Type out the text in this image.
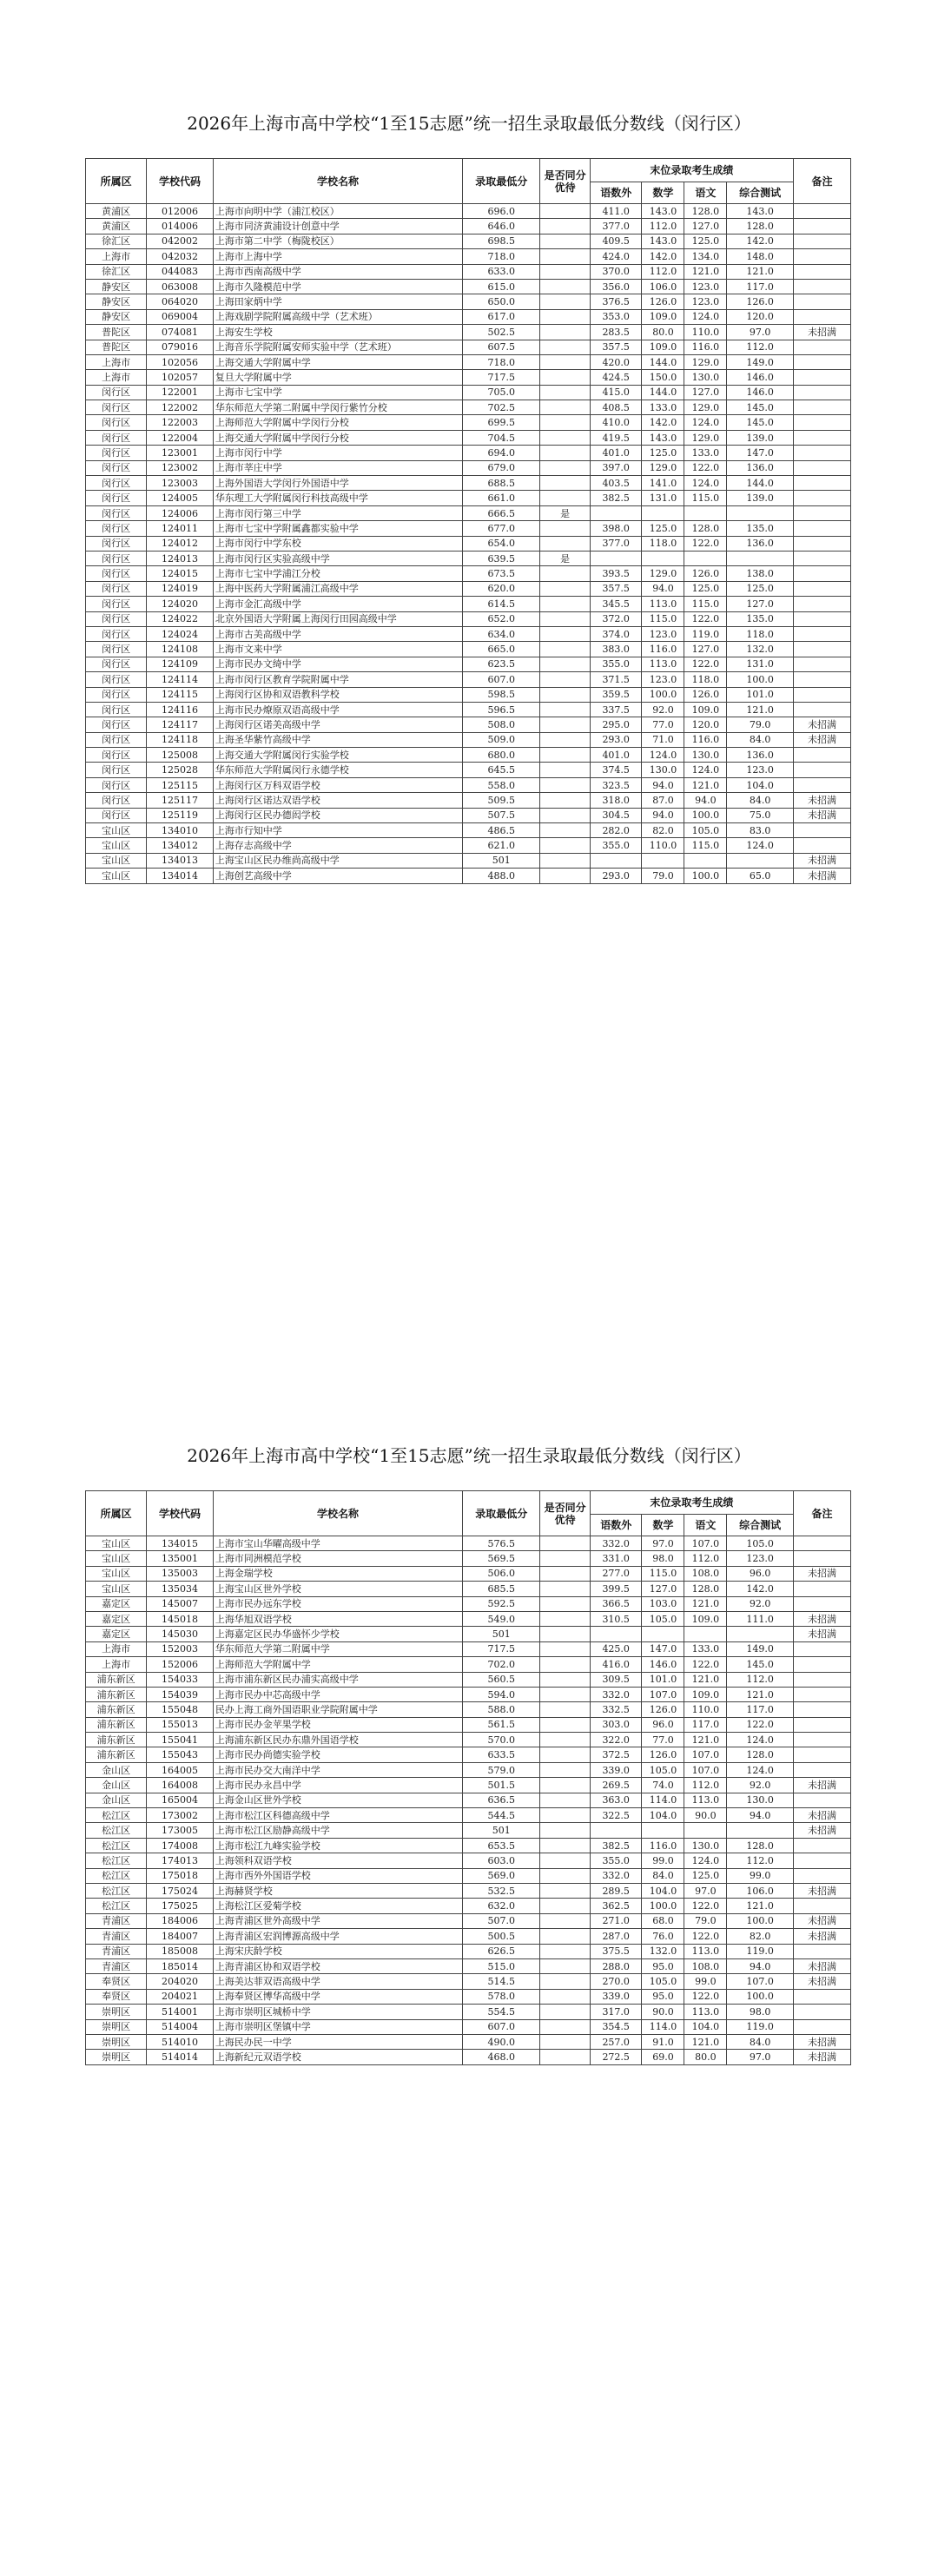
2026年上海市高中学校“1至15志愿”统一招生录取最低分数线（闵行区）
所属区	学校代码	学校名称	录取最低分	是否同分优待	末位录取考生成绩				备注
					语数外	数学	语文	综合测试	
黄浦区	012006	上海市向明中学（浦江校区）	696.0		411.0	143.0	128.0	143.0	
黄浦区	014006	上海市同济黄浦设计创意中学	646.0		377.0	112.0	127.0	128.0	
徐汇区	042002	上海市第二中学（梅陇校区）	698.5		409.5	143.0	125.0	142.0	
上海市	042032	上海市上海中学	718.0		424.0	142.0	134.0	148.0	
徐汇区	044083	上海市西南高级中学	633.0		370.0	112.0	121.0	121.0	
静安区	063008	上海市久隆模范中学	615.0		356.0	106.0	123.0	117.0	
静安区	064020	上海田家炳中学	650.0		376.5	126.0	123.0	126.0	
静安区	069004	上海戏剧学院附属高级中学（艺术班）	617.0		353.0	109.0	124.0	120.0	
普陀区	074081	上海安生学校	502.5		283.5	80.0	110.0	97.0	未招满
普陀区	079016	上海音乐学院附属安师实验中学（艺术班）	607.5		357.5	109.0	116.0	112.0	
上海市	102056	上海交通大学附属中学	718.0		420.0	144.0	129.0	149.0	
上海市	102057	复旦大学附属中学	717.5		424.5	150.0	130.0	146.0	
闵行区	122001	上海市七宝中学	705.0		415.0	144.0	127.0	146.0	
闵行区	122002	华东师范大学第二附属中学闵行紫竹分校	702.5		408.5	133.0	129.0	145.0	
闵行区	122003	上海师范大学附属中学闵行分校	699.5		410.0	142.0	124.0	145.0	
闵行区	122004	上海交通大学附属中学闵行分校	704.5		419.5	143.0	129.0	139.0	
闵行区	123001	上海市闵行中学	694.0		401.0	125.0	133.0	147.0	
闵行区	123002	上海市莘庄中学	679.0		397.0	129.0	122.0	136.0	
闵行区	123003	上海外国语大学闵行外国语中学	688.5		403.5	141.0	124.0	144.0	
闵行区	124005	华东理工大学附属闵行科技高级中学	661.0		382.5	131.0	115.0	139.0	
闵行区	124006	上海市闵行第三中学	666.5	是					
闵行区	124011	上海市七宝中学附属鑫都实验中学	677.0		398.0	125.0	128.0	135.0	
闵行区	124012	上海市闵行中学东校	654.0		377.0	118.0	122.0	136.0	
闵行区	124013	上海市闵行区实验高级中学	639.5	是					
闵行区	124015	上海市七宝中学浦江分校	673.5		393.5	129.0	126.0	138.0	
闵行区	124019	上海中医药大学附属浦江高级中学	620.0		357.5	94.0	125.0	125.0	
闵行区	124020	上海市金汇高级中学	614.5		345.5	113.0	115.0	127.0	
闵行区	124022	北京外国语大学附属上海闵行田园高级中学	652.0		372.0	115.0	122.0	135.0	
闵行区	124024	上海市古美高级中学	634.0		374.0	123.0	119.0	118.0	
闵行区	124108	上海市文来中学	665.0		383.0	116.0	127.0	132.0	
闵行区	124109	上海市民办文绮中学	623.5		355.0	113.0	122.0	131.0	
闵行区	124114	上海市闵行区教育学院附属中学	607.0		371.5	123.0	118.0	100.0	
闵行区	124115	上海闵行区协和双语教科学校	598.5		359.5	100.0	126.0	101.0	
闵行区	124116	上海市民办燎原双语高级中学	596.5		337.5	92.0	109.0	121.0	
闵行区	124117	上海闵行区诺美高级中学	508.0		295.0	77.0	120.0	79.0	未招满
闵行区	124118	上海圣华紫竹高级中学	509.0		293.0	71.0	116.0	84.0	未招满
闵行区	125008	上海交通大学附属闵行实验学校	680.0		401.0	124.0	130.0	136.0	
闵行区	125028	华东师范大学附属闵行永德学校	645.5		374.5	130.0	124.0	123.0	
闵行区	125115	上海闵行区万科双语学校	558.0		323.5	94.0	121.0	104.0	
闵行区	125117	上海闵行区诺达双语学校	509.5		318.0	87.0	94.0	84.0	未招满
闵行区	125119	上海闵行区民办德闳学校	507.5		304.5	94.0	100.0	75.0	未招满
宝山区	134010	上海市行知中学	486.5		282.0	82.0	105.0	83.0	
宝山区	134012	上海存志高级中学	621.0		355.0	110.0	115.0	124.0	
宝山区	134013	上海宝山区民办维尚高级中学	501						未招满
宝山区	134014	上海创艺高级中学	488.0		293.0	79.0	100.0	65.0	未招满
2026年上海市高中学校“1至15志愿”统一招生录取最低分数线（闵行区）
所属区	学校代码	学校名称	录取最低分	是否同分优待	末位录取考生成绩				备注
					语数外	数学	语文	综合测试	
宝山区	134015	上海市宝山华曜高级中学	576.5		332.0	97.0	107.0	105.0	
宝山区	135001	上海市同洲模范学校	569.5		331.0	98.0	112.0	123.0	
宝山区	135003	上海金瑞学校	506.0		277.0	115.0	108.0	96.0	未招满
宝山区	135034	上海宝山区世外学校	685.5		399.5	127.0	128.0	142.0	
嘉定区	145007	上海市民办远东学校	592.5		366.5	103.0	121.0	92.0	
嘉定区	145018	上海华旭双语学校	549.0		310.5	105.0	109.0	111.0	未招满
嘉定区	145030	上海嘉定区民办华盛怀少学校	501						未招满
上海市	152003	华东师范大学第二附属中学	717.5		425.0	147.0	133.0	149.0	
上海市	152006	上海师范大学附属中学	702.0		416.0	146.0	122.0	145.0	
浦东新区	154033	上海市浦东新区民办浦实高级中学	560.5		309.5	101.0	121.0	112.0	
浦东新区	154039	上海市民办中芯高级中学	594.0		332.0	107.0	109.0	121.0	
浦东新区	155048	民办上海工商外国语职业学院附属中学	588.0		332.5	126.0	110.0	117.0	
浦东新区	155013	上海市民办金苹果学校	561.5		303.0	96.0	117.0	122.0	
浦东新区	155041	上海浦东新区民办东鼎外国语学校	570.0		322.0	77.0	121.0	124.0	
浦东新区	155043	上海市民办尚德实验学校	633.5		372.5	126.0	107.0	128.0	
金山区	164005	上海市民办交大南洋中学	579.0		339.0	105.0	107.0	124.0	
金山区	164008	上海市民办永昌中学	501.5		269.5	74.0	112.0	92.0	未招满
金山区	165004	上海金山区世外学校	636.5		363.0	114.0	113.0	130.0	
松江区	173002	上海市松江区科德高级中学	544.5		322.5	104.0	90.0	94.0	未招满
松江区	173005	上海市松江区励静高级中学	501						未招满
松江区	174008	上海市松江九峰实验学校	653.5		382.5	116.0	130.0	128.0	
松江区	174013	上海领科双语学校	603.0		355.0	99.0	124.0	112.0	
松江区	175018	上海市西外外国语学校	569.0		332.0	84.0	125.0	99.0	
松江区	175024	上海赫贤学校	532.5		289.5	104.0	97.0	106.0	未招满
松江区	175025	上海松江区爱菊学校	632.0		362.5	100.0	122.0	121.0	
青浦区	184006	上海青浦区世外高级中学	507.0		271.0	68.0	79.0	100.0	未招满
青浦区	184007	上海青浦区宏润博源高级中学	500.5		287.0	76.0	122.0	82.0	未招满
青浦区	185008	上海宋庆龄学校	626.5		375.5	132.0	113.0	119.0	
青浦区	185014	上海青浦区协和双语学校	515.0		288.0	95.0	108.0	94.0	未招满
奉贤区	204020	上海美达菲双语高级中学	514.5		270.0	105.0	99.0	107.0	未招满
奉贤区	204021	上海奉贤区博华高级中学	578.0		339.0	95.0	122.0	100.0	
崇明区	514001	上海市崇明区城桥中学	554.5		317.0	90.0	113.0	98.0	
崇明区	514004	上海市崇明区堡镇中学	607.0		354.5	114.0	104.0	119.0	
崇明区	514010	上海民办民一中学	490.0		257.0	91.0	121.0	84.0	未招满
崇明区	514014	上海新纪元双语学校	468.0		272.5	69.0	80.0	97.0	未招满
